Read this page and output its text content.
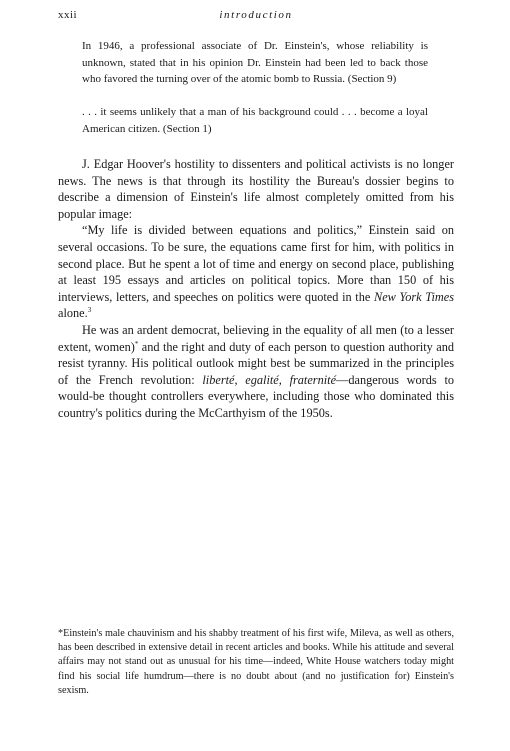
xxii	introduction

In 1946, a professional associate of Dr. Einstein's, whose reliability is unknown, stated that in his opinion Dr. Einstein had been led to back those who favored the turning over of the atomic bomb to Russia. (Section 9)

. . . it seems unlikely that a man of his background could . . . become a loyal American citizen. (Section 1)

J. Edgar Hoover's hostility to dissenters and political activists is no longer news. The news is that through its hostility the Bureau's dossier begins to describe a dimension of Einstein's life almost completely omitted from his popular image:

“My life is divided between equations and politics,” Einstein said on several occasions. To be sure, the equations came first for him, with politics in second place. But he spent a lot of time and energy on second place, publishing at least 195 essays and articles on political topics. More than 150 of his interviews, letters, and speeches on politics were quoted in the New York Times alone.$^3$

He was an ardent democrat, believing in the equality of all men (to a lesser extent, women)* and the right and duty of each person to question authority and resist tyranny. His political outlook might best be summarized in the principles of the French revolution: liberté, egalité, fraternité—dangerous words to would-be thought controllers everywhere, including those who dominated this country's politics during the McCarthyism of the 1950s.

*Einstein's male chauvinism and his shabby treatment of his first wife, Mileva, as well as others, has been described in extensive detail in recent articles and books. While his attitude and several affairs may not stand out as unusual for his time—indeed, White House watchers today might find his social life humdrum—there is no doubt about (and no justification for) Einstein's sexism.
